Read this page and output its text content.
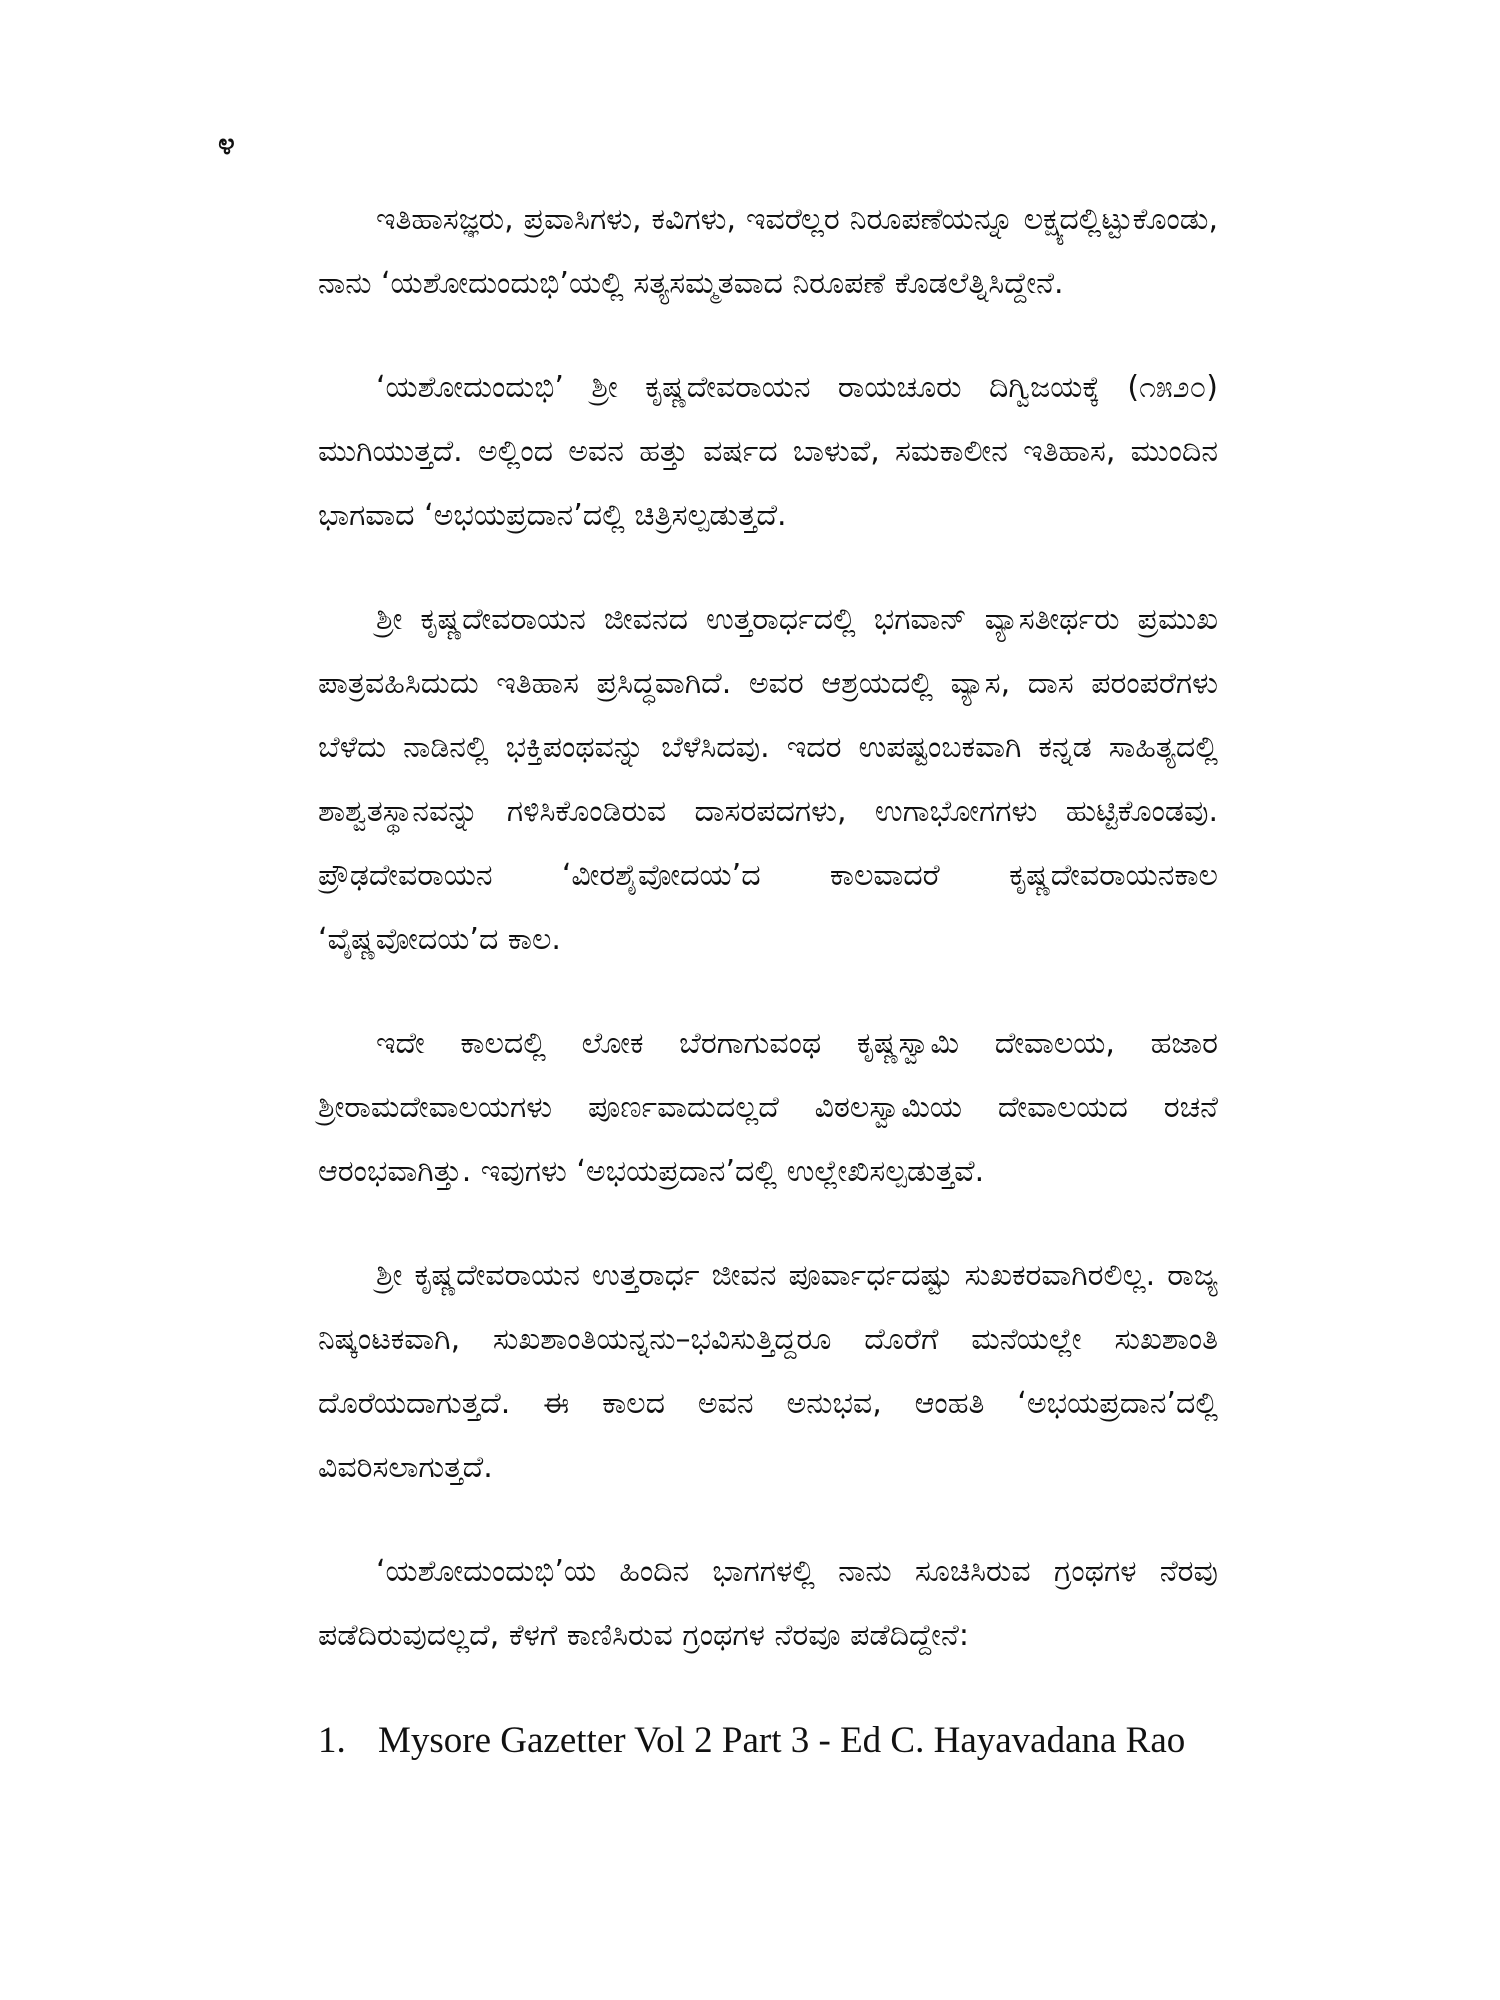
೪

ಇತಿಹಾಸಜ್ಞರು, ಪ್ರವಾಸಿಗಳು, ಕವಿಗಳು, ಇವರೆಲ್ಲರ ನಿರೂಪಣೆಯನ್ನೂ ಲಕ್ಷ್ಯದಲ್ಲಿಟ್ಟುಕೊಂಡು, ನಾನು ‘ಯಶೋದುಂದುಭಿ’ಯಲ್ಲಿ ಸತ್ಯಸಮ್ಮತವಾದ ನಿರೂಪಣೆ ಕೊಡಲೆತ್ನಿಸಿದ್ದೇನೆ.

‘ಯಶೋದುಂದುಭಿ’ ಶ್ರೀ ಕೃಷ್ಣದೇವರಾಯನ ರಾಯಚೂರು ದಿಗ್ವಿಜಯಕ್ಕೆ (೧೫೨೦) ಮುಗಿಯುತ್ತದೆ. ಅಲ್ಲಿಂದ ಅವನ ಹತ್ತು ವರ್ಷದ ಬಾಳುವೆ, ಸಮಕಾಲೀನ ಇತಿಹಾಸ, ಮುಂದಿನ ಭಾಗವಾದ ‘ಅಭಯಪ್ರದಾನ’ದಲ್ಲಿ ಚಿತ್ರಿಸಲ್ಪಡುತ್ತದೆ.

ಶ್ರೀ ಕೃಷ್ಣದೇವರಾಯನ ಜೀವನದ ಉತ್ತರಾರ್ಧದಲ್ಲಿ ಭಗವಾನ್ ವ್ಯಾಸತೀರ್ಥರು ಪ್ರಮುಖ ಪಾತ್ರವಹಿಸಿದುದು ಇತಿಹಾಸ ಪ್ರಸಿದ್ಧವಾಗಿದೆ. ಅವರ ಆಶ್ರಯದಲ್ಲಿ ವ್ಯಾಸ, ದಾಸ ಪರಂಪರೆಗಳು ಬೆಳೆದು ನಾಡಿನಲ್ಲಿ ಭಕ್ತಿಪಂಥವನ್ನು ಬೆಳೆಸಿದವು. ಇದರ ಉಪಷ್ಟಂಬಕವಾಗಿ ಕನ್ನಡ ಸಾಹಿತ್ಯದಲ್ಲಿ ಶಾಶ್ವತಸ್ಥಾನವನ್ನು ಗಳಿಸಿಕೊಂಡಿರುವ ದಾಸರಪದಗಳು, ಉಗಾಭೋಗಗಳು ಹುಟ್ಟಿಕೊಂಡವು. ಪ್ರೌಢದೇವರಾಯನ ‘ವೀರಶೈವೋದಯ’ದ ಕಾಲವಾದರೆ ಕೃಷ್ಣದೇವರಾಯನಕಾಲ ‘ವೈಷ್ಣವೋದಯ’ದ ಕಾಲ.

ಇದೇ ಕಾಲದಲ್ಲಿ ಲೋಕ ಬೆರಗಾಗುವಂಥ ಕೃಷ್ಣಸ್ವಾಮಿ ದೇವಾಲಯ, ಹಜಾರ ಶ್ರೀರಾಮದೇವಾಲಯಗಳು ಪೂರ್ಣವಾದುದಲ್ಲದೆ ವಿಠಲಸ್ವಾಮಿಯ ದೇವಾಲಯದ ರಚನೆ ಆರಂಭವಾಗಿತ್ತು. ಇವುಗಳು ‘ಅಭಯಪ್ರದಾನ’ದಲ್ಲಿ ಉಲ್ಲೇಖಿಸಲ್ಪಡುತ್ತವೆ.

ಶ್ರೀ ಕೃಷ್ಣದೇವರಾಯನ ಉತ್ತರಾರ್ಧ ಜೀವನ ಪೂರ್ವಾರ್ಧದಷ್ಟು ಸುಖಕರವಾಗಿರಲಿಲ್ಲ. ರಾಜ್ಯ ನಿಷ್ಕಂಟಕವಾಗಿ, ಸುಖಶಾಂತಿಯನ್ನನು–ಭವಿಸುತ್ತಿದ್ದರೂ ದೊರೆಗೆ ಮನೆಯಲ್ಲೇ ಸುಖಶಾಂತಿ ದೊರೆಯದಾಗುತ್ತದೆ. ಈ ಕಾಲದ ಅವನ ಅನುಭವ, ಆಂಹತಿ ‘ಅಭಯಪ್ರದಾನ’ದಲ್ಲಿ ವಿವರಿಸಲಾಗುತ್ತದೆ.

‘ಯಶೋದುಂದುಭಿ’ಯ ಹಿಂದಿನ ಭಾಗಗಳಲ್ಲಿ ನಾನು ಸೂಚಿಸಿರುವ ಗ್ರಂಥಗಳ ನೆರವು ಪಡೆದಿರುವುದಲ್ಲದೆ, ಕೆಳಗೆ ಕಾಣಿಸಿರುವ ಗ್ರಂಥಗಳ ನೆರವೂ ಪಡೆದಿದ್ದೇನೆ:

1. Mysore Gazetter Vol 2 Part 3 - Ed C. Hayavadana Rao
